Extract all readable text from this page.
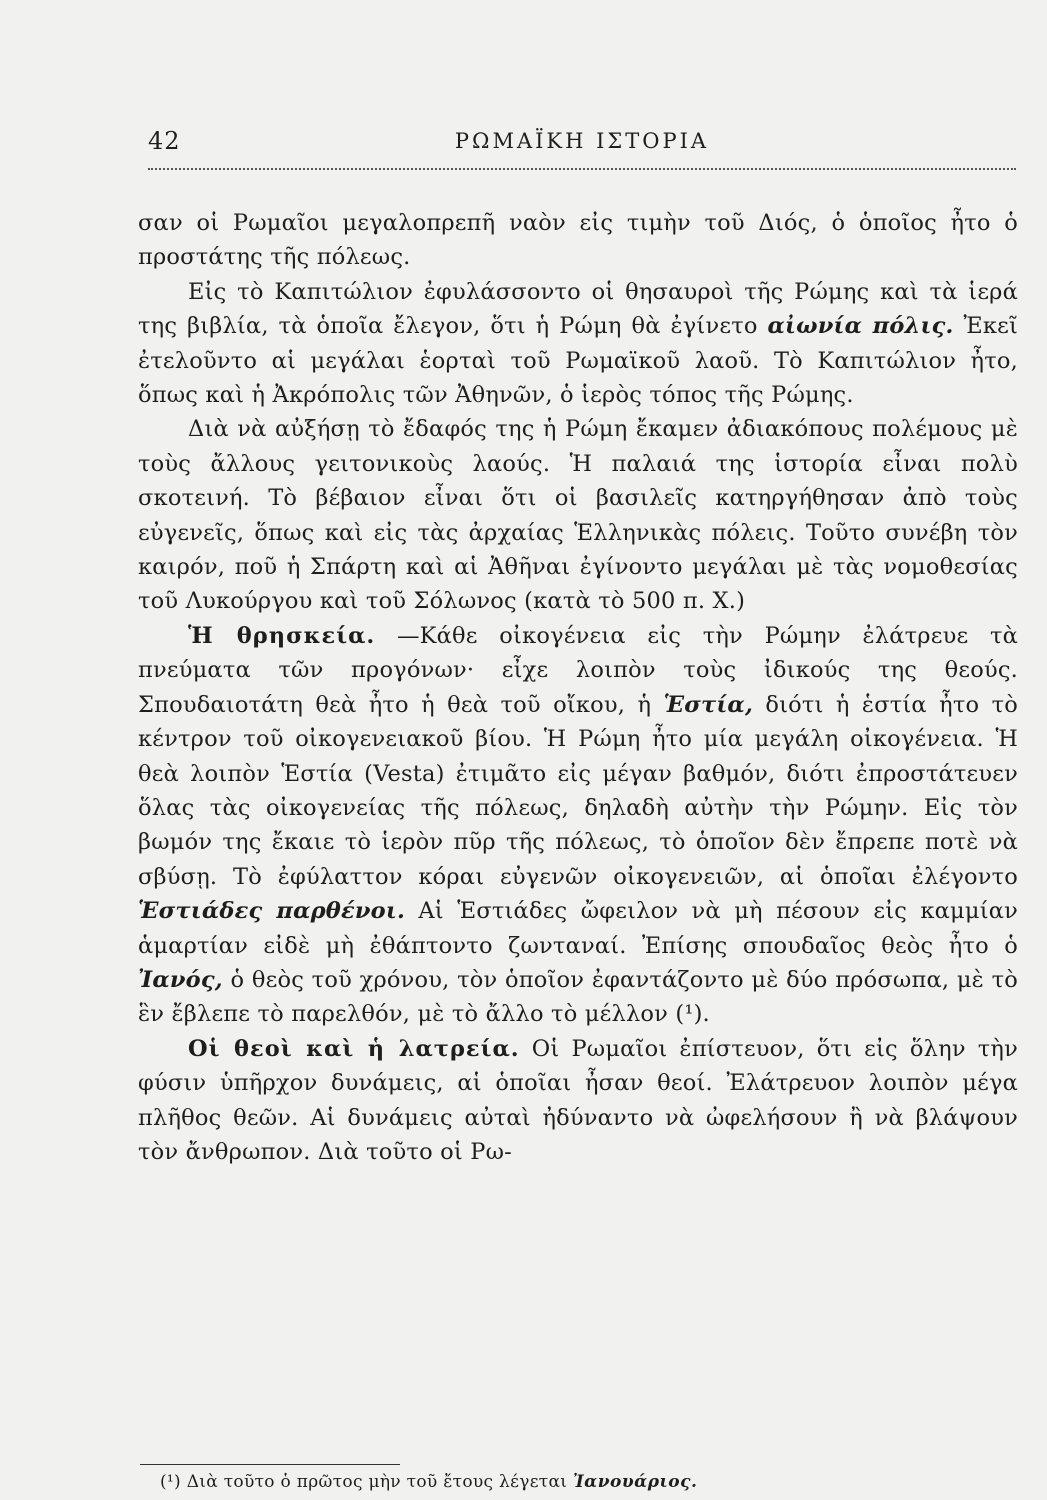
42	ΡΩΜΑΪΚΗ ΙΣΤΟΡΙΑ

σαν οἱ Ρωμαῖοι μεγαλοπρεπῆ ναὸν εἰς τιμὴν τοῦ Διός, ὁ ὁποῖος ἦτο ὁ προστάτης τῆς πόλεως.

Εἰς τὸ Καπιτώλιον ἐφυλάσσοντο οἱ θησαυροὶ τῆς Ρώμης καὶ τὰ ἱερά της βιβλία, τὰ ὁποῖα ἔλεγον, ὅτι ἡ Ρώμη θὰ ἐγίνετο αἰωνία πόλις. Ἐκεῖ ἐτελοῦντο αἱ μεγάλαι ἑορταὶ τοῦ Ρωμαϊκοῦ λαοῦ. Τὸ Καπιτώλιον ἦτο, ὅπως καὶ ἡ Ἀκρόπολις τῶν Ἀθηνῶν, ὁ ἱερὸς τόπος τῆς Ρώμης.

Διὰ νὰ αὐξήσῃ τὸ ἔδαφός της ἡ Ρώμη ἔκαμεν ἀδιακόπους πολέμους μὲ τοὺς ἄλλους γειτονικοὺς λαούς. Ἡ παλαιά της ἱστορία εἶναι πολὺ σκοτεινή. Τὸ βέβαιον εἶναι ὅτι οἱ βασιλεῖς κατηργήθησαν ἀπὸ τοὺς εὐγενεῖς, ὅπως καὶ εἰς τὰς ἀρχαίας Ἑλληνικὰς πόλεις. Τοῦτο συνέβη τὸν καιρόν, ποῦ ἡ Σπάρτη καὶ αἱ Ἀθῆναι ἐγίνοντο μεγάλαι μὲ τὰς νομοθεσίας τοῦ Λυκούργου καὶ τοῦ Σόλωνος (κατὰ τὸ 500 π. Χ.)

Ἡ θρησκεία. —Κάθε οἰκογένεια εἰς τὴν Ρώμην ἐλάτρευε τὰ πνεύματα τῶν προγόνων· εἶχε λοιπὸν τοὺς ἰδικούς της θεούς. Σπουδαιοτάτη θεὰ ἦτο ἡ θεὰ τοῦ οἴκου, ἡ Ἑστία, διότι ἡ ἑστία ἦτο τὸ κέντρον τοῦ οἰκογενειακοῦ βίου. Ἡ Ρώμη ἦτο μία μεγάλη οἰκογένεια. Ἡ θεὰ λοιπὸν Ἑστία (Vesta) ἐτιμᾶτο εἰς μέγαν βαθμόν, διότι ἐπροστάτευεν ὅλας τὰς οἰκογενείας τῆς πόλεως, δηλαδὴ αὐτὴν τὴν Ρώμην. Εἰς τὸν βωμόν της ἔκαιε τὸ ἱερὸν πῦρ τῆς πόλεως, τὸ ὁποῖον δὲν ἔπρεπε ποτὲ νὰ σβύσῃ. Τὸ ἐφύλαττον κόραι εὐγενῶν οἰκογενειῶν, αἱ ὁποῖαι ἐλέγοντο Ἑστιάδες παρθένοι. Αἱ Ἑστιάδες ὤφειλον νὰ μὴ πέσουν εἰς καμμίαν ἁμαρτίαν εἰδὲ μὴ ἐθάπτοντο ζωνταναί. Ἐπίσης σπουδαῖος θεὸς ἦτο ὁ Ἰανός, ὁ θεὸς τοῦ χρόνου, τὸν ὁποῖον ἐφαντάζοντο μὲ δύο πρόσωπα, μὲ τὸ ἓν ἔβλεπε τὸ παρελθόν, μὲ τὸ ἄλλο τὸ μέλλον (¹).

Οἱ θεοὶ καὶ ἡ λατρεία. Οἱ Ρωμαῖοι ἐπίστευον, ὅτι εἰς ὅλην τὴν φύσιν ὑπῆρχον δυνάμεις, αἱ ὁποῖαι ἦσαν θεοί. Ἐλάτρευον λοιπὸν μέγα πλῆθος θεῶν. Αἱ δυνάμεις αὐταὶ ἠδύναντο νὰ ὠφελήσουν ἢ νὰ βλάψουν τὸν ἄνθρωπον. Διὰ τοῦτο οἱ Ρω-

(¹) Διὰ τοῦτο ὁ πρῶτος μὴν τοῦ ἔτους λέγεται Ἰανουάριος.
